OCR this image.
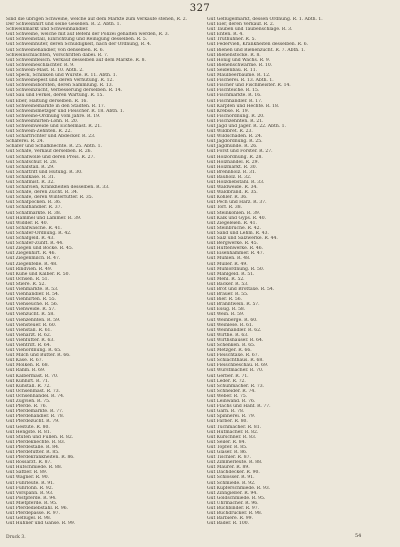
327
Sind die übrigen Schweine, welche auf dem Markte zum Verkaufe stehen, R. 2.
Der Schweinhirt und seine Gesellen. R. 2. Abth. 1.
Schweinmarkt und Schweinhändler.
Gut Schweine, welche mit auf Befehl der Polizei gehalten werden, R. 3.
Gut Schweinstall, Einrichtung und Reinigung desselben. R. 5.
Gut Schweinhüter, deren Schuldigkeit, nach der Ordnung, R. 4.
Gut Schweinehändler, von denselben. R. 6.
Schweinschlachten, Vorschriften dabei. R. 7.
Gut Schweinfleisch. Verkauf desselben auf dem Markte. R. 8.
Gut Schweineschlachter. R. 9.
Gut Schwein-Mast. R. 10. Abth. 2.
Gut Speck, Schinken und Würste. R. 11. Abth. 1.
Gut Schweinepest und deren Verhütung. R. 12.
Gut Schweinsborsten, deren Sammlung. R. 13.
Gut Schweinzucht, Verbesserung derselben. R. 14.
Gut Sau und Ferkel, deren Wartung. R. 15.
Gut Eber, Haltung derselben. R. 16.
Gut Schweinemärkte in den Städten. R. 17.
Gut Schweinsmetzger und Fleischer. R. 18. Abth. 1.
Gut Schweine-Ordnung vom Jahre. R. 19.
Gut Schweinhirten-Lohn. R. 20.
Gut Schweinweide und Eichelmast. R. 21.
Gut Schwein-Zehnten. R. 22.
Gut Scharfrichter und Abdecker. R. 23.
Schäferei. R. 24.
Schäfer und Schafknechte. R. 25. Abth. 1.
Gut Schafe, Verkauf derselben. R. 26.
Gut Schafwolle und deren Preis. R. 27.
Gut Schafschur. R. 28.
Gut Schafstall. R. 29.
Gut Schaftrift und Hutung. R. 30.
Gut Schafkäse. R. 31.
Gut Schafmist. R. 32.
Gut Schafvieh, Krankheiten desselben. R. 33.
Gut Schafe, deren Zucht. R. 34.
Gut Schafe, deren Winterfutter. R. 35.
Gut Schafpocken. R. 36.
Gut Schafhändler. R. 37.
Gut Schafmärkte. R. 38.
Gut Hammel und Lämmer. R. 39.
Gut Widder. R. 40.
Gut Schafwäsche. R. 41.
Gut Schäfer-Ordnung. R. 42.
Gut Schafgeld. R. 43.
Gut Schäfer-Zunft. R. 44.
Gut Ziegen und Böcke. R. 45.
Gut Ziegenhirt. R. 46.
Gut Ziegenmilch. R. 47.
Gut Ziegenfelle. R. 48.
Gut Rindvieh. R. 49.
Gut Kühe und Kälber. R. 50.
Gut Ochsen. R. 51.
Gut Stiere. R. 52.
Gut Viehmärkte. R. 53.
Gut Viehhändler. R. 54.
Gut Viehhirten. R. 55.
Gut Viehseuche. R. 56.
Gut Viehweide. R. 57.
Gut Viehzucht. R. 58.
Gut Viehzehnten. R. 59.
Gut Viehsteuer. R. 60.
Gut Viehstall. R. 61.
Gut Vieharzt. R. 62.
Gut Viehfutter. R. 63.
Gut Viehtrift. R. 64.
Gut Viehordnung. R. 65.
Gut Milch und Butter. R. 66.
Gut Käse. R. 67.
Gut Molken. R. 68.
Gut Rahm. R. 69.
Gut Kälbermast. R. 70.
Gut Kuhhirt. R. 71.
Gut Kuhstall. R. 72.
Gut Ochsenmast. R. 73.
Gut Ochsenhandel. R. 74.
Gut Zugvieh. R. 75.
Gut Pferde. R. 76.
Gut Pferdemärkte. R. 77.
Gut Pferdehändler. R. 78.
Gut Pferdezucht. R. 79.
Gut Gestüte. R. 80.
Gut Hengste. R. 81.
Gut Stuten und Füllen. R. 82.
Gut Pferdeknechte. R. 83.
Gut Pferdeställe. R. 84.
Gut Pferdefutter. R. 85.
Gut Pferdekrankheiten. R. 86.
Gut Rossarzt. R. 87.
Gut Hufschmiede. R. 88.
Gut Sattler. R. 89.
Gut Wagner. R. 90.
Gut Fuhrleute. R. 91.
Gut Fuhrlohn. R. 92.
Gut Vorspann. R. 93.
Gut Postpferde. R. 94.
Gut Mietpferde. R. 95.
Gut Pferdediebstahl. R. 96.
Gut Pferdepässe. R. 97.
Gut Geflügel. R. 98.
Gut Hühner und Gänse. R. 99.
Gut Geflügelmarkt, dessen Ordnung. R. 1. Abth. 1.
Gut Eier, deren Verkauf. R. 2.
Gut Tauben und Taubenschläge. R. 3.
Gut Enten. R. 4.
Gut Truthühner. R. 5.
Gut Federvieh, Krankheiten desselben. R. 6.
Gut Bienen und Bienenzucht. R. 7. Abth. 1.
Gut Bienenstöcke. R. 8.
Gut Honig und Wachs. R. 9.
Gut Bienenschwärme. R. 10.
Gut Seidenbau. R. 11.
Gut Maulbeerbäume. R. 12.
Gut Fischerei. R. 13. Abth. 1.
Gut Fischer und Fischmeister. R. 14.
Gut Fischteiche. R. 15.
Gut Fischmärkte. R. 16.
Gut Fischhändler. R. 17.
Gut Karpfen und Hechte. R. 18.
Gut Krebse. R. 19.
Gut Fischordnung. R. 20.
Gut Fischzehnten. R. 21.
Gut Jagd und Jäger. R. 22. Abth. 1.
Gut Wildbret. R. 23.
Gut Wildschaden. R. 24.
Gut Jagdordnung. R. 25.
Gut Jagdhunde. R. 26.
Gut Forst und Förster. R. 27.
Gut Holzordnung. R. 28.
Gut Holzhandel. R. 29.
Gut Holzmarkt. R. 30.
Gut Brennholz. R. 31.
Gut Bauholz. R. 32.
Gut Holzdiebstahl. R. 33.
Gut Waldweide. R. 34.
Gut Waldbrand. R. 35.
Gut Köhler. R. 36.
Gut Pech und Harz. R. 37.
Gut Torf. R. 38.
Gut Steinkohlen. R. 39.
Gut Kalk und Gyps. R. 40.
Gut Ziegeleien. R. 41.
Gut Steinbrüche. R. 42.
Gut Sand und Lehm. R. 43.
Gut Salz und Salzwerke. R. 44.
Gut Bergwerke. R. 45.
Gut Hüttenwerke. R. 46.
Gut Eisenhämmer. R. 47.
Gut Mühlen. R. 48.
Gut Müller. R. 49.
Gut Mühlordnung. R. 50.
Gut Mahlgeld. R. 51.
Gut Mehl. R. 52.
Gut Bäcker. R. 53.
Gut Brot und Brottaxe. R. 54.
Gut Brauer. R. 55.
Gut Bier. R. 56.
Gut Branntwein. R. 57.
Gut Essig. R. 58.
Gut Wein. R. 59.
Gut Weinberge. R. 60.
Gut Weinlese. R. 61.
Gut Weinhändler. R. 62.
Gut Wirthe. R. 63.
Gut Wirthshäuser. R. 64.
Gut Schenken. R. 65.
Gut Metzger. R. 66.
Gut Fleischtaxe. R. 67.
Gut Schlachthaus. R. 68.
Gut Fleischbeschau. R. 69.
Gut Wurstmacher. R. 70.
Gut Gerber. R. 71.
Gut Leder. R. 72.
Gut Schuhmacher. R. 73.
Gut Schneider. R. 74.
Gut Weber. R. 75.
Gut Leinwand. R. 76.
Gut Flachs und Hanf. R. 77.
Gut Garn. R. 78.
Gut Spinnerei. R. 79.
Gut Färber. R. 80.
Gut Tuchmacher. R. 81.
Gut Hutmacher. R. 82.
Gut Kürschner. R. 83.
Gut Seiler. R. 84.
Gut Töpfer. R. 85.
Gut Glaser. R. 86.
Gut Tischler. R. 87.
Gut Zimmerleute. R. 88.
Gut Maurer. R. 89.
Gut Dachdecker. R. 90.
Gut Schlosser. R. 91.
Gut Schmiede. R. 92.
Gut Kupferschmiede. R. 93.
Gut Zinngießer. R. 94.
Gut Goldschmiede. R. 95.
Gut Uhrmacher. R. 96.
Gut Buchbinder. R. 97.
Gut Buchdrucker. R. 98.
Gut Barbiere. R. 99.
Gut Bader. R. 100.
Druck 3.	54
